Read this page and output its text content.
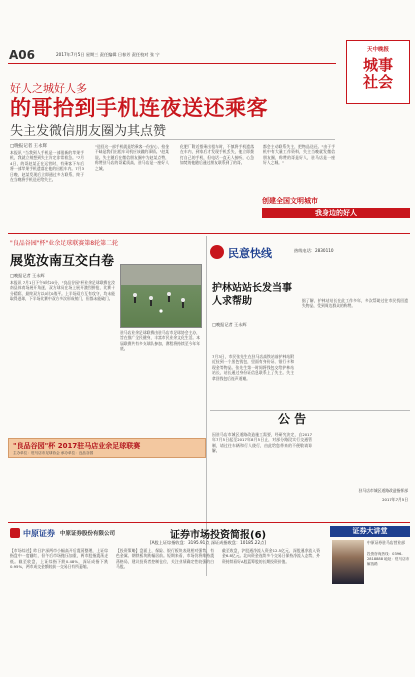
A06	2017年7月5日 星期三 责任编辑 日春芳 责任校对 张 宁
天中晚报
城事社会
好人之城好人多
的哥拾到手机连夜送还乘客
失主发微信朋友圈为其点赞
□晚报记者 王永辉
本报讯 "当我到人手机是一部很新的苹果手机，我就立刻想到失主肯定非常着急。"7月4日，的哥赵某正在运营时，有乘客下车后将一部苹果手机遗落在他的出租车内。7月3日晚，赵某发现后立即通过多方联系，终于在当晚将手机送还给失主。
"送回这一部手机就是给乘客一份安心，拾金不昧是我们出租车司机应该做的事情。"赵某说。失主随后在微信朋友圈中为赵某点赞，称赞驻马店的哥素质高，驻马店是一座好人之城。
化肥厂附近搭乘出租车时，不慎将手机遗落在车内，到家后才发现手机丢失，他立即拨打自己的手机，但电话一直无人接听，心急如焚的他随后通过朋友联系到了的哥。
都会主动联系失主，把物品送还。"由于手机中有大量工作资料，失主当晚就发微信朋友圈，称赞的哥是好人，驻马店是一座好人之城。"
创建全国文明城市
我身边的好人
"良品谷园"杯"业余足球联赛第8轮第二轮
展览汝南互交白卷
□晚报记者 王永辉
本报讯 7月1日下午5时20分，"良品谷园"杯业余足球联赛在汝南县体育场展开角逐，双方球员在场上展开激烈拼抢，比赛十分精彩，最终双方以0比0战平。上半场双方互有攻守，均未能取得进球，下半场比赛中双方多次形成射门，但都未能破门。
驻马店业余足球联赛由驻马店市足球协会主办，旨在推广全民健身，丰富市民业余文化生活。本届联赛共有多支球队参加，赛程将持续至今年年底。
"良品谷园"杯 2017驻马店业余足球联赛
主办单位：驻马店市足球协会 承办单位：良品谷园
民意快线	热线电话：2830110
护林站站长发当事人求帮助
□晚报记者 王永辉
7月3日，市民张先生在驻马店高铁站前护林站附近捡到一个黑色钱包，里面有身份证、银行卡和现金等物品。张先生第一时间将钱包交给护林站站长，站长通过身份证信息联系上了失主。失主拿回钱包后连声道谢。
据了解，护林站站长在此工作多年，多次帮助过往市民找回遗失物品，受到周边群众的称赞。
公 告
因驻马店市城区道路改造施工需要，经研究决定，自2017年7月5日起至2017年8月5日止，对部分路段实行交通管制，请过往车辆和行人绕行，由此给您带来的不便敬请谅解。
驻马店市城区道路改造指挥部
2017年7月5日
中原证券 中原证券股份有限公司	证券市场投资简报(6)
[A股上证综指收盘：3195.91点 深证成指收盘：10185.22点]
【市场综述】昨日沪深两市小幅高开后震荡整理，上证综指盘中一度翻红，但午后市场抛压加重，两市股指震荡走低。截至收盘，上证综指下跌0.48%，深证成指下跌0.95%，两市成交金额较前一交易日有所萎缩。
【投资策略】盘面上，保险、银行板块表现相对强势，有色金属、钢铁板块跌幅居前。短期来看，市场仍将维持震荡格局，建议投资者控制仓位，关注业绩确定性较强的白马股。
截至收盘，沪股通净流入资金12.5亿元，深股通净流入资金6.8亿元。北向资金连续多个交易日保持净流入态势，外资持续看好A股蓝筹股的长期投资价值。
证券大讲堂
中原证券驻马店营业部
投资咨询热线：0396-2818888 地址：驻马店市解放路
